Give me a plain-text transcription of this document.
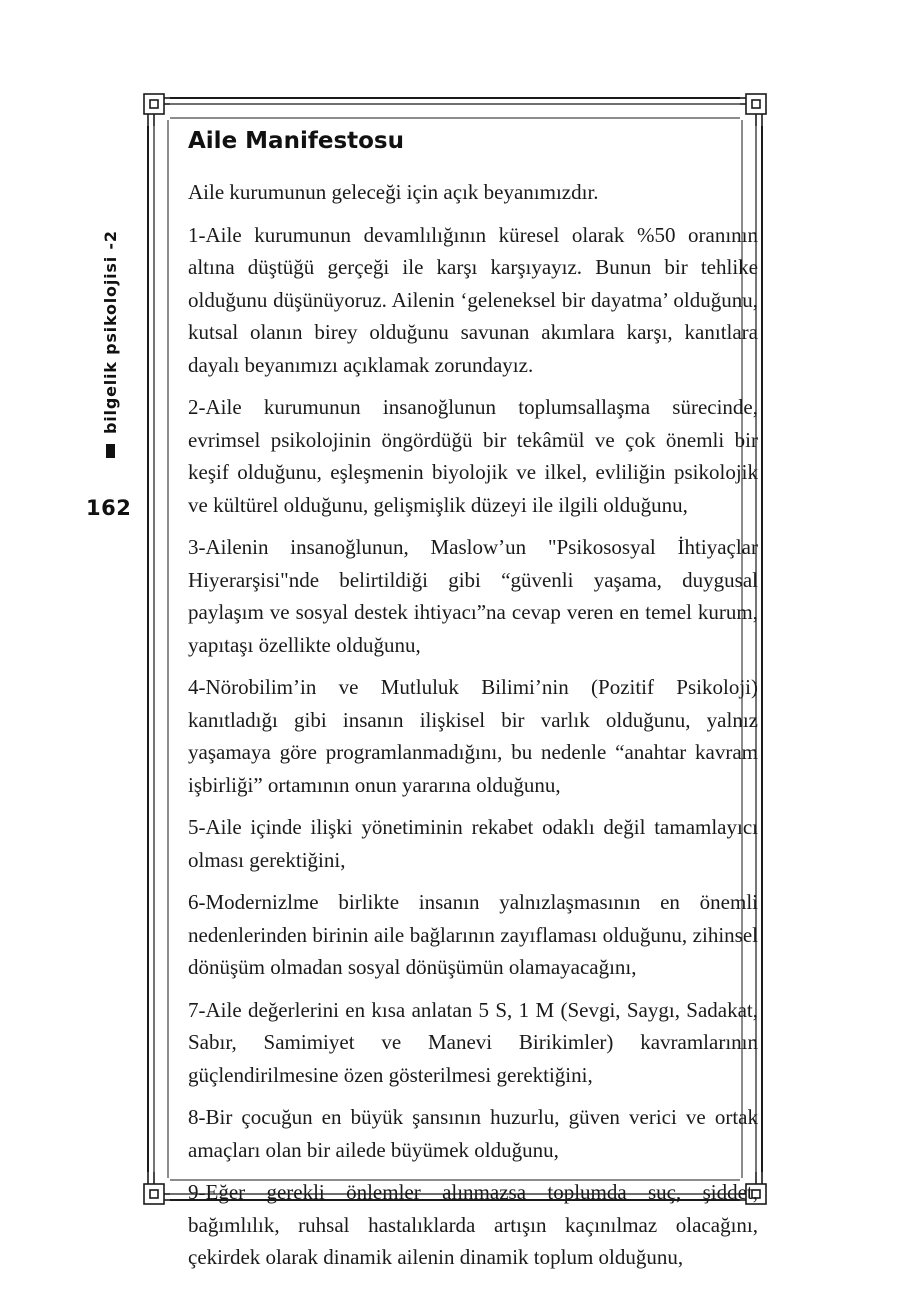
bilgelik psikolojisi -2
162
Aile Manifestosu

Aile kurumunun geleceği için açık beyanımızdır.

1-Aile kurumunun devamlılığının küresel olarak %50 oranının altına düştüğü gerçeği ile karşı karşıyayız. Bunun bir tehlike olduğunu düşünüyoruz. Ailenin ‘geleneksel bir dayatma’ olduğunu, kutsal olanın birey olduğunu savunan akımlara karşı, kanıtlara dayalı beyanımızı açıklamak zorundayız.

2-Aile kurumunun insanoğlunun toplumsallaşma sürecinde, evrimsel psikolojinin öngördüğü bir tekâmül ve çok önemli bir keşif olduğunu, eşleşmenin biyolojik ve ilkel, evliliğin psikolojik ve kültürel olduğunu, gelişmişlik düzeyi ile ilgili olduğunu,

3-Ailenin insanoğlunun, Maslow’un "Psikososyal İhtiyaçlar Hiyerarşisi"nde belirtildiği gibi “güvenli yaşama, duygusal paylaşım ve sosyal destek ihtiyacı”na cevap veren en temel kurum, yapıtaşı özellikte olduğunu,

4-Nörobilim’in ve Mutluluk Bilimi’nin (Pozitif Psikoloji) kanıtladığı gibi insanın ilişkisel bir varlık olduğunu, yalnız yaşamaya göre programlanmadığını, bu nedenle “anahtar kavram işbirliği” ortamının onun yararına olduğunu,

5-Aile içinde ilişki yönetiminin rekabet odaklı değil tamamlayıcı olması gerektiğini,

6-Modernizlme birlikte insanın yalnızlaşmasının en önemli nedenlerinden birinin aile bağlarının zayıflaması olduğunu, zihinsel dönüşüm olmadan sosyal dönüşümün olamayacağını,

7-Aile değerlerini en kısa anlatan 5 S, 1 M (Sevgi, Saygı, Sadakat, Sabır, Samimiyet ve Manevi Birikimler) kavramlarının güçlendirilmesine özen gösterilmesi gerektiğini,

8-Bir çocuğun en büyük şansının huzurlu, güven verici ve ortak amaçları olan bir ailede büyümek olduğunu,

9-Eğer gerekli önlemler alınmazsa toplumda suç, şiddet, bağımlılık, ruhsal hastalıklarda artışın kaçınılmaz olacağını, çekirdek olarak dinamik ailenin dinamik toplum olduğunu,
